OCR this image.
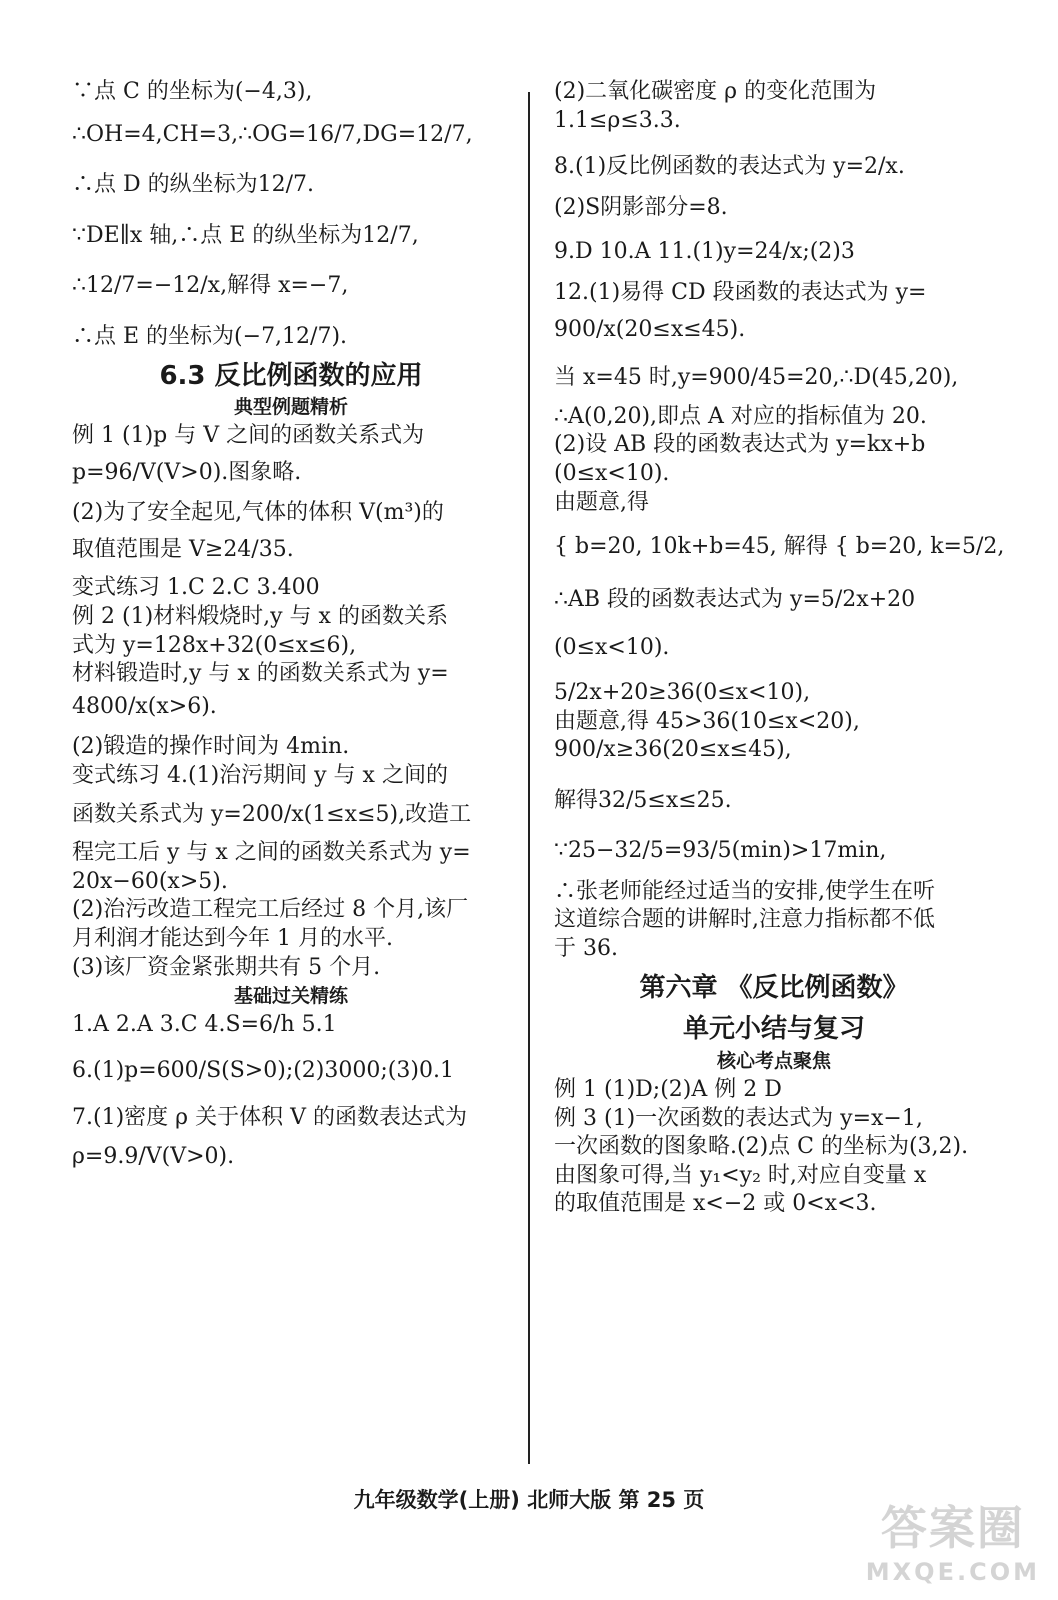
∵点 C 的坐标为(−4,3),
∴OH=4,CH=3,∴OG=16/7,DG=12/7,
∴点 D 的纵坐标为12/7.
∵DE∥x 轴,∴点 E 的纵坐标为12/7,
∴12/7=−12/x,解得 x=−7,
∴点 E 的坐标为(−7,12/7).
6.3 反比例函数的应用
典型例题精析
例 1 (1)p 与 V 之间的函数关系式为
p=96/V(V>0).图象略.
(2)为了安全起见,气体的体积 V(m³)的
取值范围是 V≥24/35.
变式练习 1.C 2.C 3.400
例 2 (1)材料煅烧时,y 与 x 的函数关系
式为 y=128x+32(0≤x≤6),
材料锻造时,y 与 x 的函数关系式为 y=
4800/x(x>6).
(2)锻造的操作时间为 4min.
变式练习 4.(1)治污期间 y 与 x 之间的
函数关系式为 y=200/x(1≤x≤5),改造工
程完工后 y 与 x 之间的函数关系式为 y=
20x−60(x>5).
(2)治污改造工程完工后经过 8 个月,该厂
月利润才能达到今年 1 月的水平.
(3)该厂资金紧张期共有 5 个月.
基础过关精练
1.A 2.A 3.C 4.S=6/h 5.1
6.(1)p=600/S(S>0);(2)3000;(3)0.1
7.(1)密度 ρ 关于体积 V 的函数表达式为
ρ=9.9/V(V>0).
(2)二氧化碳密度 ρ 的变化范围为
1.1≤ρ≤3.3.
8.(1)反比例函数的表达式为 y=2/x.
(2)S阴影部分=8.
9.D 10.A 11.(1)y=24/x;(2)3
12.(1)易得 CD 段函数的表达式为 y=
900/x(20≤x≤45).
当 x=45 时,y=900/45=20,∴D(45,20),
∴A(0,20),即点 A 对应的指标值为 20.
(2)设 AB 段的函数表达式为 y=kx+b
(0≤x<10).
由题意,得
{ b=20, 10k+b=45, 解得 { b=20, k=5/2,
∴AB 段的函数表达式为 y=5/2x+20
(0≤x<10).
5/2x+20≥36(0≤x<10),
由题意,得 45>36(10≤x<20),
900/x≥36(20≤x≤45),
解得32/5≤x≤25.
∵25−32/5=93/5(min)>17min,
∴张老师能经过适当的安排,使学生在听
这道综合题的讲解时,注意力指标都不低
于 36.
第六章 《反比例函数》
单元小结与复习
核心考点聚焦
例 1 (1)D;(2)A 例 2 D
例 3 (1)一次函数的表达式为 y=x−1,
一次函数的图象略.(2)点 C 的坐标为(3,2).
由图象可得,当 y₁<y₂ 时,对应自变量 x
的取值范围是 x<−2 或 0<x<3.
九年级数学(上册) 北师大版 第 25 页
答案圈
MXQE.COM
